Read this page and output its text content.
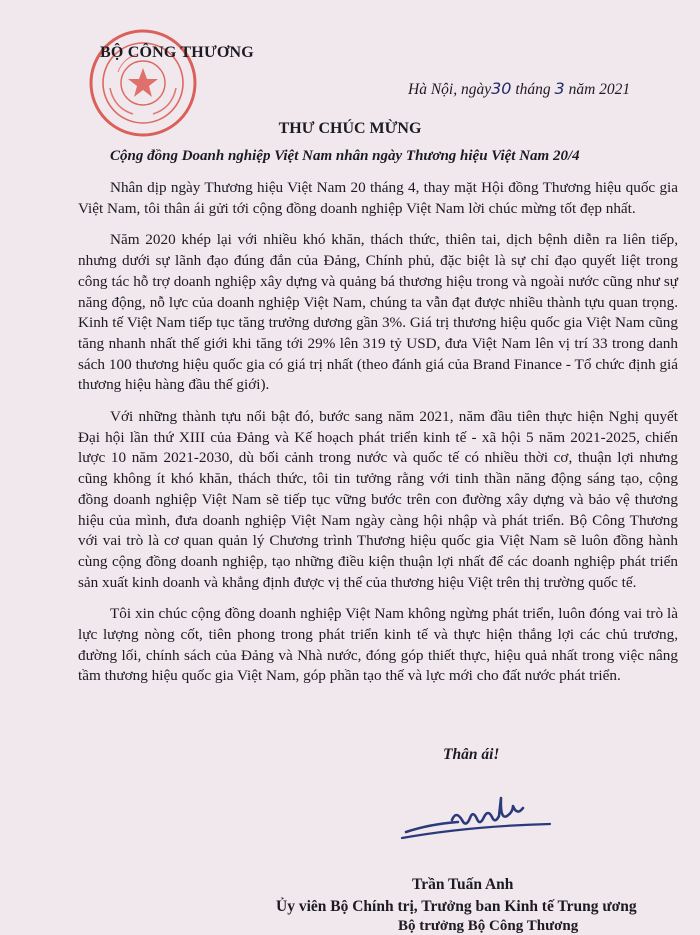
BỘ CÔNG THƯƠNG
Hà Nội, ngày30 tháng 3 năm 2021
THƯ CHÚC MỪNG
Cộng đồng Doanh nghiệp Việt Nam nhân ngày Thương hiệu Việt Nam 20/4

Nhân dịp ngày Thương hiệu Việt Nam 20 tháng 4, thay mặt Hội đồng Thương hiệu quốc gia Việt Nam, tôi thân ái gửi tới cộng đồng doanh nghiệp Việt Nam lời chúc mừng tốt đẹp nhất.

Năm 2020 khép lại với nhiều khó khăn, thách thức, thiên tai, dịch bệnh diễn ra liên tiếp, nhưng dưới sự lãnh đạo đúng đắn của Đảng, Chính phủ, đặc biệt là sự chỉ đạo quyết liệt trong công tác hỗ trợ doanh nghiệp xây dựng và quảng bá thương hiệu trong và ngoài nước cũng như sự năng động, nỗ lực của doanh nghiệp Việt Nam, chúng ta vẫn đạt được nhiều thành tựu quan trọng. Kinh tế Việt Nam tiếp tục tăng trưởng dương gần 3%. Giá trị thương hiệu quốc gia Việt Nam cũng tăng nhanh nhất thế giới khi tăng tới 29% lên 319 tỷ USD, đưa Việt Nam lên vị trí 33 trong danh sách 100 thương hiệu quốc gia có giá trị nhất (theo đánh giá của Brand Finance - Tổ chức định giá thương hiệu hàng đầu thế giới).

Với những thành tựu nổi bật đó, bước sang năm 2021, năm đầu tiên thực hiện Nghị quyết Đại hội lần thứ XIII của Đảng và Kế hoạch phát triển kinh tế - xã hội 5 năm 2021-2025, chiến lược 10 năm 2021-2030, dù bối cảnh trong nước và quốc tế có nhiều thời cơ, thuận lợi nhưng cũng không ít khó khăn, thách thức, tôi tin tưởng rằng với tinh thần năng động sáng tạo, cộng đồng doanh nghiệp Việt Nam sẽ tiếp tục vững bước trên con đường xây dựng và bảo vệ thương hiệu của mình, đưa doanh nghiệp Việt Nam ngày càng hội nhập và phát triển. Bộ Công Thương với vai trò là cơ quan quản lý Chương trình Thương hiệu quốc gia Việt Nam sẽ luôn đồng hành cùng cộng đồng doanh nghiệp, tạo những điều kiện thuận lợi nhất để các doanh nghiệp phát triển sản xuất kinh doanh và khẳng định được vị thế của thương hiệu Việt trên thị trường quốc tế.

Tôi xin chúc cộng đồng doanh nghiệp Việt Nam không ngừng phát triển, luôn đóng vai trò là lực lượng nòng cốt, tiên phong trong phát triển kinh tế và thực hiện thắng lợi các chủ trương, đường lối, chính sách của Đảng và Nhà nước, đóng góp thiết thực, hiệu quả nhất trong việc nâng tầm thương hiệu quốc gia Việt Nam, góp phần tạo thế và lực mới cho đất nước phát triển.

Thân ái!
Trần Tuấn Anh
Ủy viên Bộ Chính trị, Trưởng ban Kinh tế Trung ương
Bộ trưởng Bộ Công Thương
